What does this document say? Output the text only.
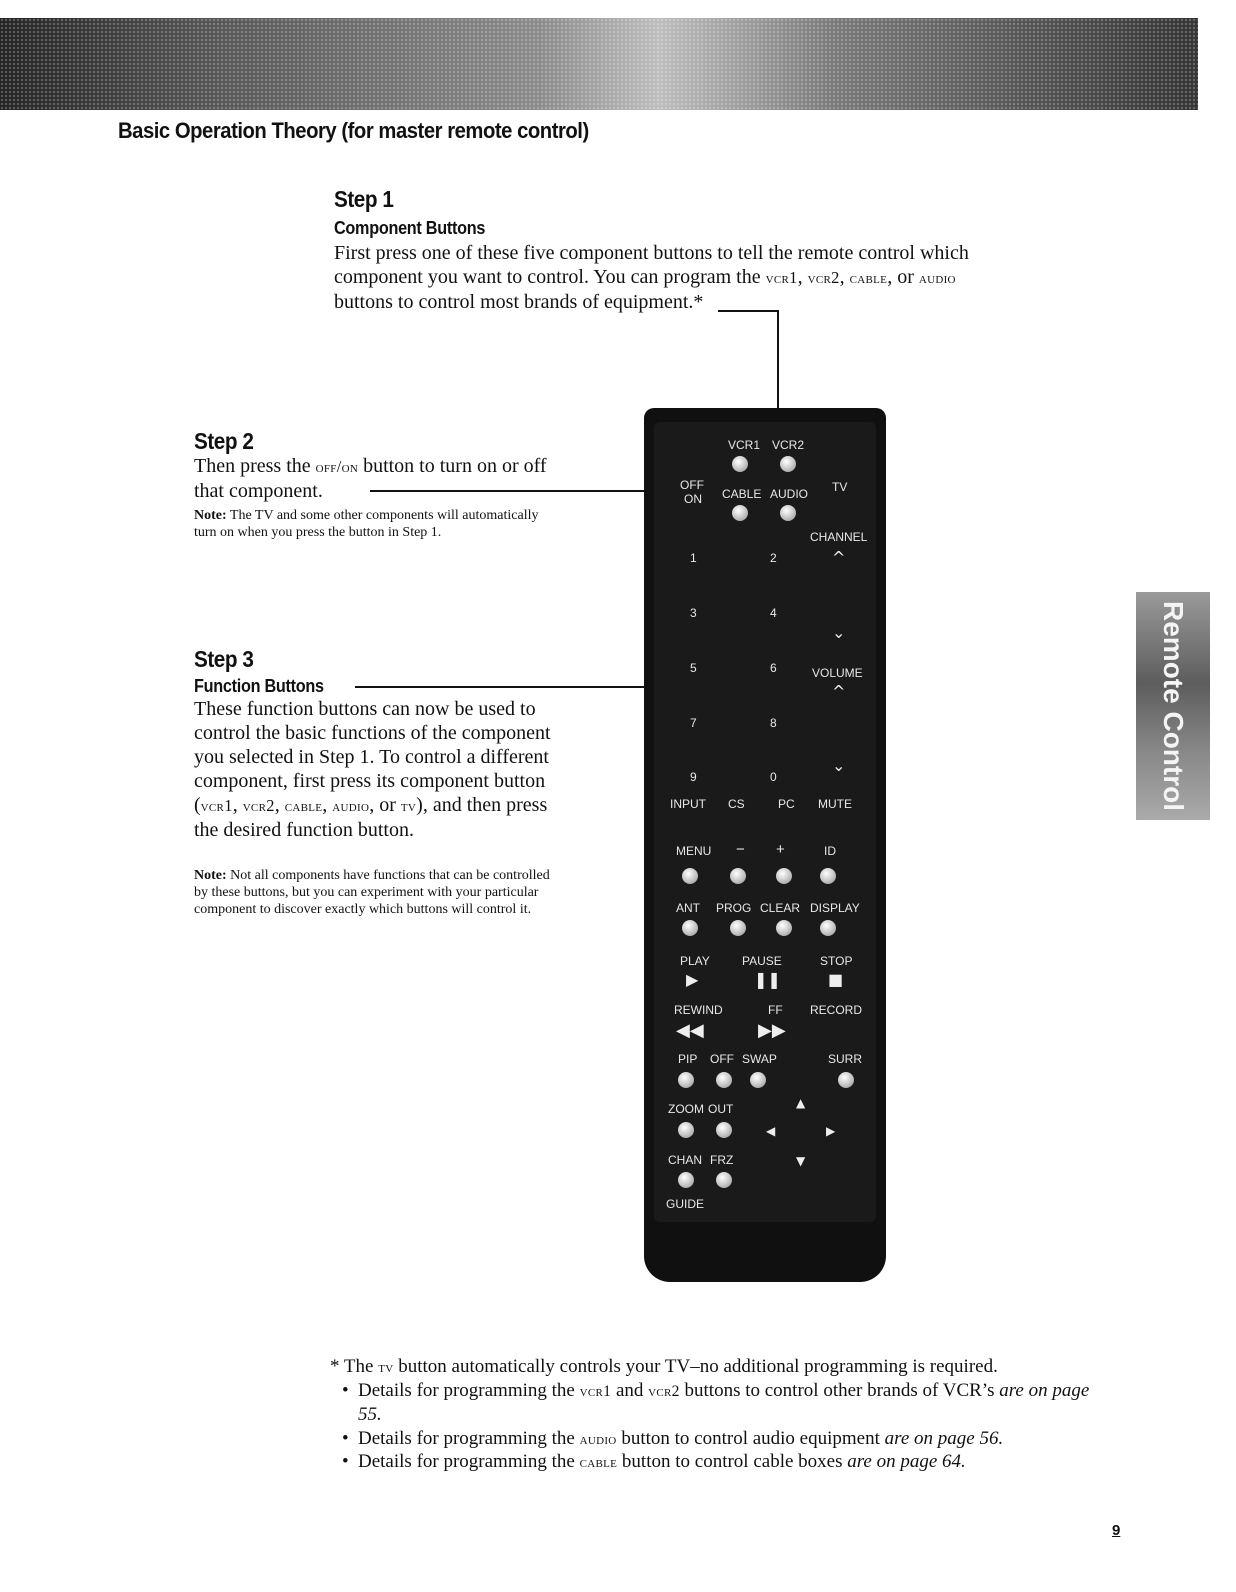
Basic Operation Theory (for master remote control)
Remote Control
Step 1
Component Buttons
First press one of these five component buttons to tell the remote control which component you want to control. You can program the vcr1, vcr2, cable, or audio buttons to control most brands of equipment.*
Step 2
Then press the off/on button to turn on or off that component.
Note: The TV and some other components will automatically turn on when you press the button in Step 1.
Step 3
Function Buttons
These function buttons can now be used to control the basic functions of the component you selected in Step 1. To control a different component, first press its component button (vcr1, vcr2, cable, audio, or tv), and then press the desired function button.
Note: Not all components have functions that can be controlled by these buttons, but you can experiment with your particular component to discover exactly which buttons will control it.
VCR1 VCR2
OFF
ON CABLE AUDIO TV
CHANNEL
1	2	^
3	4
⌄
5	6	VOLUME
^
7	8
9	0
⌄
INPUT CS	PC MUTE
MENU − +	ID
ANT PROG CLEAR DISPLAY
PLAY	PAUSE	STOP
▶	❚❚	■
REWIND	FF RECORD
◀◀	▶▶
PIP OFF SWAP	SURR
ZOOM OUT	▲
◀	▶
▼
CHAN FRZ
GUIDE
* The tv button automatically controls your TV–no additional programming is required.
• Details for programming the vcr1 and vcr2 buttons to control other brands of VCR’s are on page 55.
• Details for programming the audio button to control audio equipment are on page 56.
• Details for programming the cable button to control cable boxes are on page 64.
9
